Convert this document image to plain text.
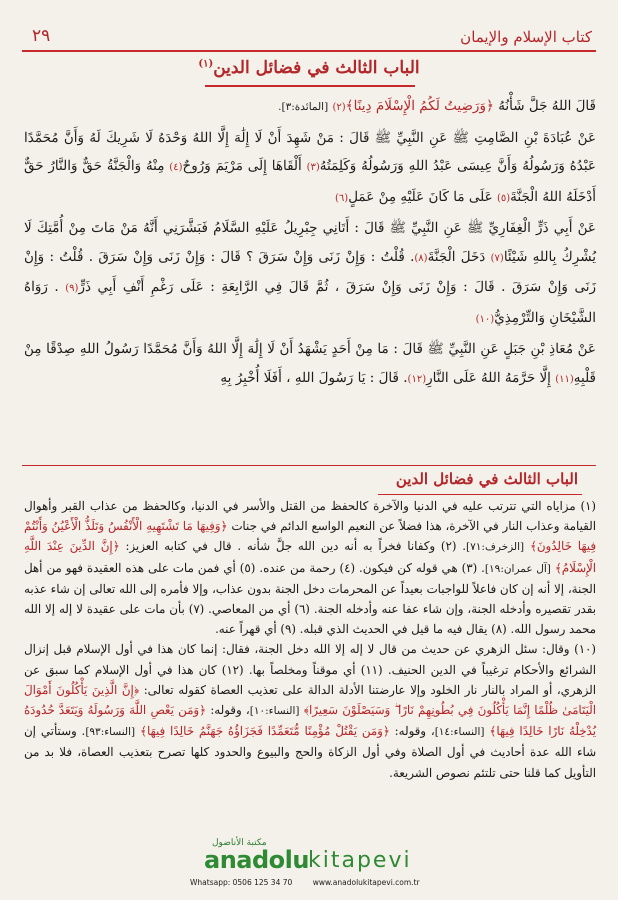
كتاب الإسلام والإيمان
٢٩
الباب الثالث في فضائل الدين$^{(١)}$

قَالَ اللهُ جَلَّ شَأْنُهُ ﴿وَرَضِيتُ لَكُمُ الْإِسْلَامَ دِينًا﴾(٢) [المائدة:٣].

عَنْ عُبَادَةَ بْنِ الصَّامِتِ ﷺ عَنِ النَّبِيِّ ﷺ قَالَ : مَنْ شَهِدَ أَنْ لَا إِلَٰهَ إِلَّا اللهُ وَحْدَهُ لَا شَرِيكَ لَهُ وَأَنَّ مُحَمَّدًا عَبْدُهُ وَرَسُولُهُ وَأَنَّ عِيسَى عَبْدُ اللهِ وَرَسُولُهُ وَكَلِمَتُهُ(٣) أَلْقَاهَا إِلَى مَرْيَمَ وَرُوحٌ(٤) مِنْهُ وَالْجَنَّةُ حَقٌّ وَالنَّارُ حَقٌّ أَدْخَلَهُ اللهُ الْجَنَّةَ(٥) عَلَى مَا كَانَ عَلَيْهِ مِنْ عَمَلٍ(٦)

عَنْ أَبِي ذَرٍّ الْغِفَارِيِّ ﷺ عَنِ النَّبِيِّ ﷺ قَالَ : أَتَانِي جِبْرِيلُ عَلَيْهِ السَّلَامُ فَبَشَّرَنِي أَنَّهُ مَنْ مَاتَ مِنْ أُمَّتِكَ لَا يُشْرِكُ بِاللهِ شَيْئًا(٧) دَخَلَ الْجَنَّةَ(٨). قُلْتُ : وَإِنْ زَنَى وَإِنْ سَرَقَ ؟ قَالَ : وَإِنْ زَنَى وَإِنْ سَرَقَ . قُلْتُ : وَإِنْ زَنَى وَإِنْ سَرَقَ . قَالَ : وَإِنْ زَنَى وَإِنْ سَرَقَ ، ثُمَّ قَالَ فِي الرَّابِعَةِ : عَلَى رَغْمِ أَنْفِ أَبِي ذَرٍّ(٩) . رَوَاهُ الشَّيْخَانِ وَالتِّرْمِذِيُّ(١٠)

عَنْ مُعَاذِ بْنِ جَبَلٍ عَنِ النَّبِيِّ ﷺ قَالَ : مَا مِنْ أَحَدٍ يَشْهَدُ أَنْ لَا إِلَٰهَ إِلَّا اللهُ وَأَنَّ مُحَمَّدًا رَسُولُ اللهِ صِدْقًا مِنْ قَلْبِهِ(١١) إِلَّا حَرَّمَهُ اللهُ عَلَى النَّارِ(١٢). قَالَ : يَا رَسُولَ اللهِ ، أَفَلَا أُخْبِرُ بِهِ

الباب الثالث في فضائل الدين

(١) مزاياه التي تترتب عليه في الدنيا والآخرة كالحفظ من القتل والأسر في الدنيا، وكالحفظ من عذاب القبر وأهوال القيامة وعذاب النار في الآخرة، هذا فضلاً عن النعيم الواسع الدائم في جنات ﴿وَفِيهَا مَا تَشْتَهِيهِ الْأَنْفُسُ وَتَلَذُّ الْأَعْيُنُ وَأَنْتُمْ فِيهَا خَالِدُونَ﴾ [الزخرف:٧١]. (٢) وكفانا فخراً به أنه دين الله جلَّ شأنه . قال في كتابه العزيز: ﴿إِنَّ الدِّينَ عِنْدَ اللَّهِ الْإِسْلَامُ﴾ [آل عمران:١٩]. (٣) هي قوله كن فيكون. (٤) رحمة من عنده. (٥) أي فمن مات على هذه العقيدة فهو من أهل الجنة، إلا أنه إن كان فاعلاً للواجبات بعيداً عن المحرمات دخل الجنة بدون عذاب، وإلا فأمره إلى الله تعالى إن شاء عذبه بقدر تقصيره وأدخله الجنة، وإن شاء عفا عنه وأدخله الجنة. (٦) أي من المعاصي. (٧) بأن مات على عقيدة لا إله إلا الله محمد رسول الله. (٨) يقال فيه ما قيل في الحديث الذي قبله. (٩) أي قهراً عنه.

(١٠) وقال: سئل الزهري عن حديث من قال لا إله إلا الله دخل الجنة، فقال: إنما كان هذا في أول الإسلام قبل إنزال الشرائع والأحكام ترغيباً في الدين الحنيف. (١١) أي موقناً ومخلصاً بها. (١٢) كان هذا في أول الإسلام كما سبق عن الزهري، أو المراد بالنار نار الخلود وإلا عارضتنا الأدلة الدالة على تعذيب العصاة كقوله تعالى: ﴿إِنَّ الَّذِينَ يَأْكُلُونَ أَمْوَالَ الْيَتَامَىٰ ظُلْمًا إِنَّمَا يَأْكُلُونَ فِي بُطُونِهِمْ نَارًا ۖ وَسَيَصْلَوْنَ سَعِيرًا﴾ [النساء:١٠]، وقوله: ﴿وَمَن يَعْصِ اللَّهَ وَرَسُولَهُ وَيَتَعَدَّ حُدُودَهُ يُدْخِلْهُ نَارًا خَالِدًا فِيهَا﴾ [النساء:١٤]، وقوله: ﴿وَمَن يَقْتُلْ مُؤْمِنًا مُّتَعَمِّدًا فَجَزَاؤُهُ جَهَنَّمُ خَالِدًا فِيهَا﴾ [النساء:٩٣]. وستأتي إن شاء الله عدة أحاديث في أول الصلاة وفي أول الزكاة والحج والبيوع والحدود كلها تصرح بتعذيب العصاة، فلا بد من التأويل كما قلنا حتى تلتئم نصوص الشريعة.

مكتبة الأناضول
anadolu kitapevi
Whatsapp: 0506 125 34 70	www.anadolukitapevi.com.tr
